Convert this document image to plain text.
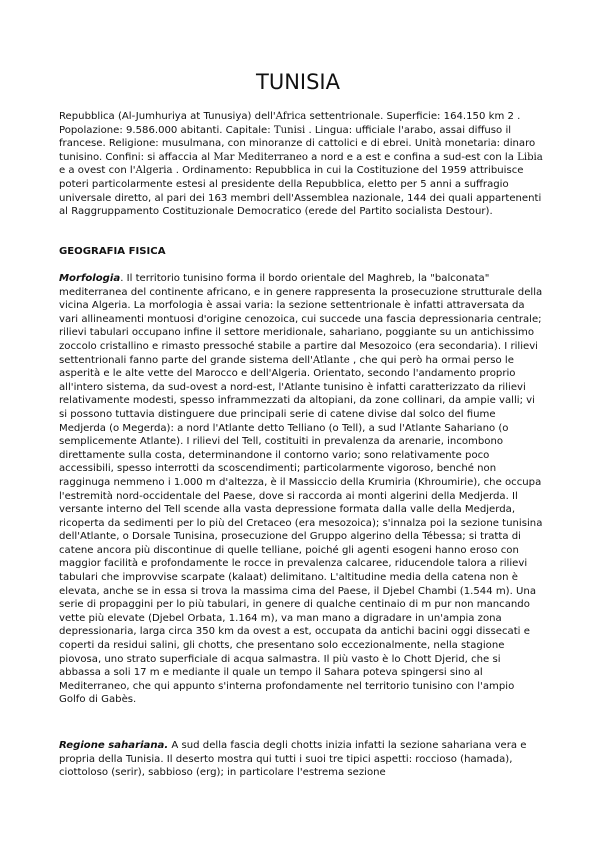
TUNISIA

Repubblica (Al-Jumhuriya at Tunusiya) dell'Africa settentrionale. Superficie: 164.150 km 2 . Popolazione: 9.586.000 abitanti. Capitale: Tunisi . Lingua: ufficiale l'arabo, assai diffuso il francese. Religione: musulmana, con minoranze di cattolici e di ebrei. Unità monetaria: dinaro tunisino. Confini: si affaccia al Mar Mediterraneo a nord e a est e confina a sud-est con la Libia e a ovest con l'Algeria . Ordinamento: Repubblica in cui la Costituzione del 1959 attribuisce poteri particolarmente estesi al presidente della Repubblica, eletto per 5 anni a suffragio universale diretto, al pari dei 163 membri dell'Assemblea nazionale, 144 dei quali appartenenti al Raggruppamento Costituzionale Democratico (erede del Partito socialista Destour).

GEOGRAFIA FISICA

Morfologia. Il territorio tunisino forma il bordo orientale del Maghreb, la "balconata" mediterranea del continente africano, e in genere rappresenta la prosecuzione strutturale della vicina Algeria. La morfologia è assai varia: la sezione settentrionale è infatti attraversata da vari allineamenti montuosi d'origine cenozoica, cui succede una fascia depressionaria centrale; rilievi tabulari occupano infine il settore meridionale, sahariano, poggiante su un antichissimo zoccolo cristallino e rimasto pressoché stabile a partire dal Mesozoico (era secondaria). I rilievi settentrionali fanno parte del grande sistema dell'Atlante , che qui però ha ormai perso le asperità e le alte vette del Marocco e dell'Algeria. Orientato, secondo l'andamento proprio all'intero sistema, da sud-ovest a nord-est, l'Atlante tunisino è infatti caratterizzato da rilievi relativamente modesti, spesso inframmezzati da altopiani, da zone collinari, da ampie valli; vi si possono tuttavia distinguere due principali serie di catene divise dal solco del fiume Medjerda (o Megerda): a nord l'Atlante detto Telliano (o Tell), a sud l'Atlante Sahariano (o semplicemente Atlante). I rilievi del Tell, costituiti in prevalenza da arenarie, incombono direttamente sulla costa, determinandone il contorno vario; sono relativamente poco accessibili, spesso interrotti da scoscendimenti; particolarmente vigoroso, benché non ragginuga nemmeno i 1.000 m d'altezza, è il Massiccio della Krumiria (Khroumirie), che occupa l'estremità nord-occidentale del Paese, dove si raccorda ai monti algerini della Medjerda. Il versante interno del Tell scende alla vasta depressione formata dalla valle della Medjerda, ricoperta da sedimenti per lo più del Cretaceo (era mesozoica); s'innalza poi la sezione tunisina dell'Atlante, o Dorsale Tunisina, prosecuzione del Gruppo algerino della Tébessa; si tratta di catene ancora più discontinue di quelle telliane, poiché gli agenti esogeni hanno eroso con maggior facilità e profondamente le rocce in prevalenza calcaree, riducendole talora a rilievi tabulari che improvvise scarpate (kalaat) delimitano. L'altitudine media della catena non è elevata, anche se in essa si trova la massima cima del Paese, il Djebel Chambi (1.544 m). Una serie di propaggini per lo più tabulari, in genere di qualche centinaio di m pur non mancando vette più elevate (Djebel Orbata, 1.164 m), va man mano a digradare in un'ampia zona depressionaria, larga circa 350 km da ovest a est, occupata da antichi bacini oggi dissecati e coperti da residui salini, gli chotts, che presentano solo eccezionalmente, nella stagione piovosa, uno strato superficiale di acqua salmastra. Il più vasto è lo Chott Djerid, che si abbassa a soli 17 m e mediante il quale un tempo il Sahara poteva spingersi sino al Mediterraneo, che qui appunto s'interna profondamente nel territorio tunisino con l'ampio Golfo di Gabès.

Regione sahariana. A sud della fascia degli chotts inizia infatti la sezione sahariana vera e propria della Tunisia. Il deserto mostra qui tutti i suoi tre tipici aspetti: roccioso (hamada), ciottoloso (serir), sabbioso (erg); in particolare l'estrema sezione
